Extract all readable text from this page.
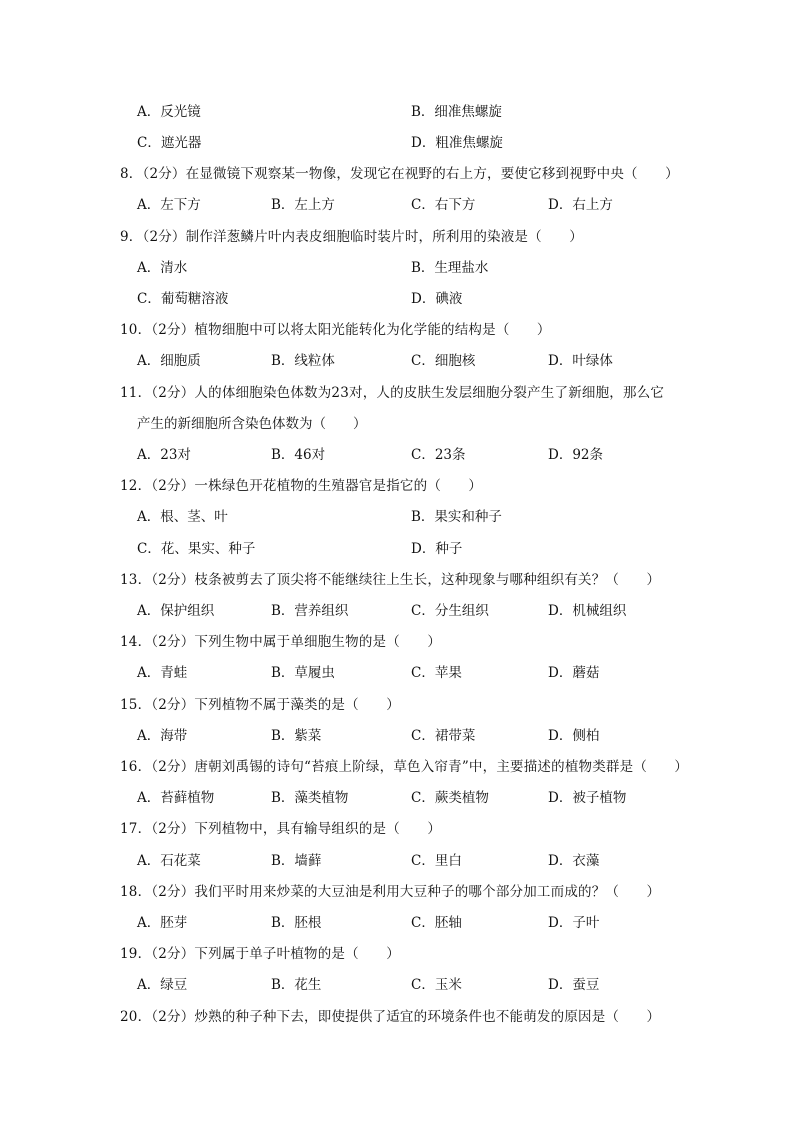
A．反光镜	B．细准焦螺旋
C．遮光器	D．粗准焦螺旋
8．（2分）在显微镜下观察某一物像，发现它在视野的右上方，要使它移到视野中央（　　）
A．左下方	B．左上方	C．右下方	D．右上方
9．（2分）制作洋葱鳞片叶内表皮细胞临时装片时，所利用的染液是（　　）
A．清水	B．生理盐水
C．葡萄糖溶液	D．碘液
10．（2分）植物细胞中可以将太阳光能转化为化学能的结构是（　　）
A．细胞质	B．线粒体	C．细胞核	D．叶绿体
11．（2分）人的体细胞染色体数为23对，人的皮肤生发层细胞分裂产生了新细胞，那么它
产生的新细胞所含染色体数为（　　）
A．23对	B．46对	C．23条	D．92条
12．（2分）一株绿色开花植物的生殖器官是指它的（　　）
A．根、茎、叶	B．果实和种子
C．花、果实、种子	D．种子
13．（2分）枝条被剪去了顶尖将不能继续往上生长，这种现象与哪种组织有关？（　　）
A．保护组织	B．营养组织	C．分生组织	D．机械组织
14．（2分）下列生物中属于单细胞生物的是（　　）
A．青蛙	B．草履虫	C．苹果	D．蘑菇
15．（2分）下列植物不属于藻类的是（　　）
A．海带	B．紫菜	C．裙带菜	D．侧柏
16．（2分）唐朝刘禹锡的诗句“苔痕上阶绿，草色入帘青”中，主要描述的植物类群是（　　）
A．苔藓植物	B．藻类植物	C．蕨类植物	D．被子植物
17．（2分）下列植物中，具有输导组织的是（　　）
A．石花菜	B．墙藓	C．里白	D．衣藻
18．（2分）我们平时用来炒菜的大豆油是利用大豆种子的哪个部分加工而成的？（　　）
A．胚芽	B．胚根	C．胚轴	D．子叶
19．（2分）下列属于单子叶植物的是（　　）
A．绿豆	B．花生	C．玉米	D．蚕豆
20．（2分）炒熟的种子种下去，即使提供了适宜的环境条件也不能萌发的原因是（　　）
